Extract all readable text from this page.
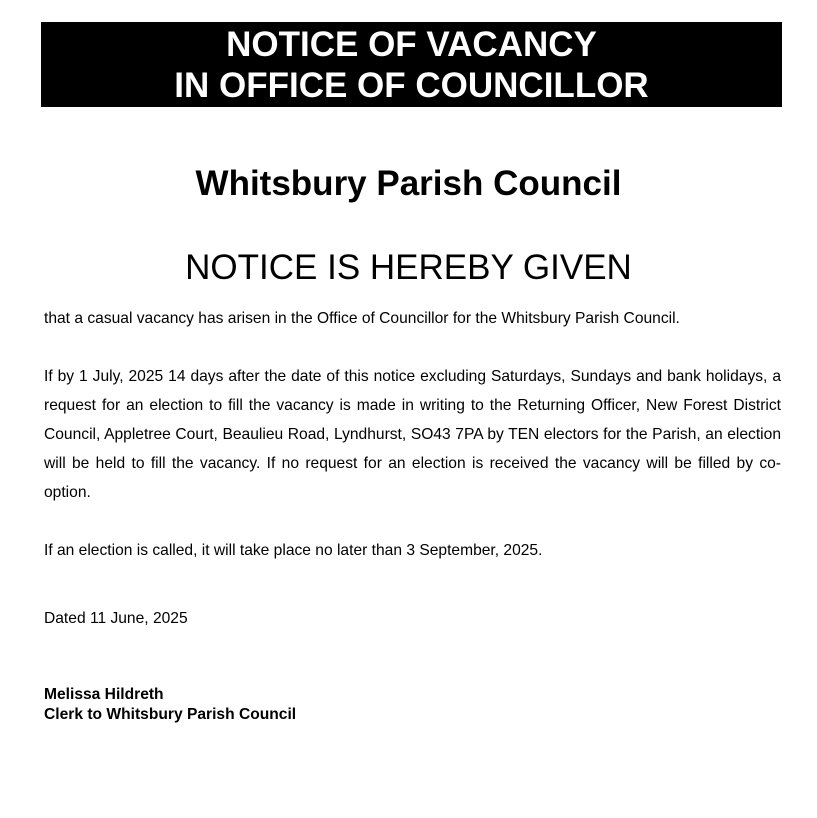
NOTICE OF VACANCY
IN OFFICE OF COUNCILLOR
Whitsbury Parish Council
NOTICE IS HEREBY GIVEN

that a casual vacancy has arisen in the Office of Councillor for the Whitsbury Parish Council.

If by 1 July, 2025 14 days after the date of this notice excluding Saturdays, Sundays and bank holidays, a request for an election to fill the vacancy is made in writing to the Returning Officer, New Forest District Council, Appletree Court, Beaulieu Road, Lyndhurst, SO43 7PA by TEN electors for the Parish, an election will be held to fill the vacancy. If no request for an election is received the vacancy will be filled by co-option.

If an election is called, it will take place no later than 3 September, 2025.

Dated 11 June, 2025

Melissa Hildreth
Clerk to Whitsbury Parish Council
